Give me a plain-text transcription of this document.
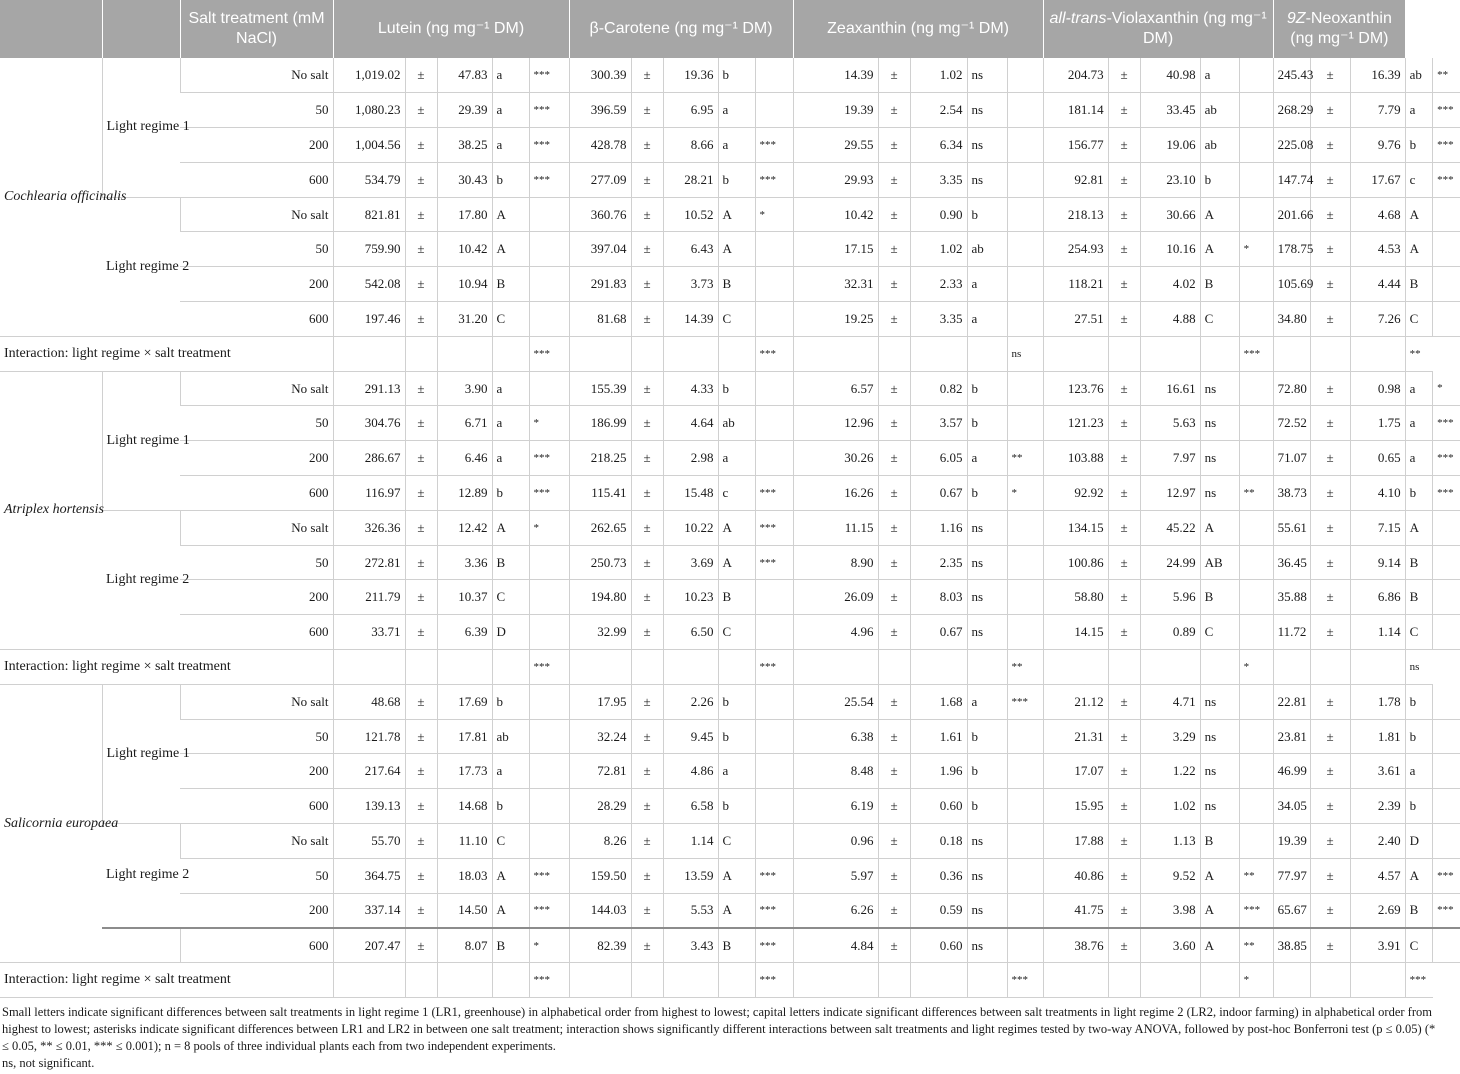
		Salt treatment (mM NaCl)	Lutein (ng mg⁻¹ DM)					β-Carotene (ng mg⁻¹ DM)					Zeaxanthin (ng mg⁻¹ DM)					all-trans-Violaxanthin (ng mg⁻¹ DM)					9Z-Neoxanthin (ng mg⁻¹ DM)				
Cochlearia officinalis	Light regime 1	No salt	1,019.02	±	47.83	a	***	300.39	±	19.36	b		14.39	±	1.02	ns		204.73	±	40.98	a		245.43	±	16.39	ab	**
		50	1,080.23	±	29.39	a	***	396.59	±	6.95	a		19.39	±	2.54	ns		181.14	±	33.45	ab		268.29	±	7.79	a	***
		200	1,004.56	±	38.25	a	***	428.78	±	8.66	a	***	29.55	±	6.34	ns		156.77	±	19.06	ab		225.08	±	9.76	b	***
		600	534.79	±	30.43	b	***	277.09	±	28.21	b	***	29.93	±	3.35	ns		92.81	±	23.10	b		147.74	±	17.67	c	***
	Light regime 2	No salt	821.81	±	17.80	A		360.76	±	10.52	A	*	10.42	±	0.90	b		218.13	±	30.66	A		201.66	±	4.68	A	
		50	759.90	±	10.42	A		397.04	±	6.43	A		17.15	±	1.02	ab		254.93	±	10.16	A	*	178.75	±	4.53	A	
		200	542.08	±	10.94	B		291.83	±	3.73	B		32.31	±	2.33	a		118.21	±	4.02	B		105.69	±	4.44	B	
		600	197.46	±	31.20	C		81.68	±	14.39	C		19.25	±	3.35	a		27.51	±	4.88	C		34.80	±	7.26	C	
Interaction: light regime × salt treatment							***					***					ns					***				**	
Atriplex hortensis	Light regime 1	No salt	291.13	±	3.90	a		155.39	±	4.33	b		6.57	±	0.82	b		123.76	±	16.61	ns		72.80	±	0.98	a	*
		50	304.76	±	6.71	a	*	186.99	±	4.64	ab		12.96	±	3.57	b		121.23	±	5.63	ns		72.52	±	1.75	a	***
		200	286.67	±	6.46	a	***	218.25	±	2.98	a		30.26	±	6.05	a	**	103.88	±	7.97	ns		71.07	±	0.65	a	***
		600	116.97	±	12.89	b	***	115.41	±	15.48	c	***	16.26	±	0.67	b	*	92.92	±	12.97	ns	**	38.73	±	4.10	b	***
	Light regime 2	No salt	326.36	±	12.42	A	*	262.65	±	10.22	A	***	11.15	±	1.16	ns		134.15	±	45.22	A		55.61	±	7.15	A	
		50	272.81	±	3.36	B		250.73	±	3.69	A	***	8.90	±	2.35	ns		100.86	±	24.99	AB		36.45	±	9.14	B	
		200	211.79	±	10.37	C		194.80	±	10.23	B		26.09	±	8.03	ns		58.80	±	5.96	B		35.88	±	6.86	B	
		600	33.71	±	6.39	D		32.99	±	6.50	C		4.96	±	0.67	ns		14.15	±	0.89	C		11.72	±	1.14	C	
Interaction: light regime × salt treatment							***					***					**					*				ns	
Salicornia europaea	Light regime 1	No salt	48.68	±	17.69	b		17.95	±	2.26	b		25.54	±	1.68	a	***	21.12	±	4.71	ns		22.81	±	1.78	b	
		50	121.78	±	17.81	ab		32.24	±	9.45	b		6.38	±	1.61	b		21.31	±	3.29	ns		23.81	±	1.81	b	
		200	217.64	±	17.73	a		72.81	±	4.86	a		8.48	±	1.96	b		17.07	±	1.22	ns		46.99	±	3.61	a	
		600	139.13	±	14.68	b		28.29	±	6.58	b		6.19	±	0.60	b		15.95	±	1.02	ns		34.05	±	2.39	b	
	Light regime 2	No salt	55.70	±	11.10	C		8.26	±	1.14	C		0.96	±	0.18	ns		17.88	±	1.13	B		19.39	±	2.40	D	
		50	364.75	±	18.03	A	***	159.50	±	13.59	A	***	5.97	±	0.36	ns		40.86	±	9.52	A	**	77.97	±	4.57	A	***
		200	337.14	±	14.50	A	***	144.03	±	5.53	A	***	6.26	±	0.59	ns		41.75	±	3.98	A	***	65.67	±	2.69	B	***
		600	207.47	±	8.07	B	*	82.39	±	3.43	B	***	4.84	±	0.60	ns		38.76	±	3.60	A	**	38.85	±	3.91	C	
Interaction: light regime × salt treatment							***					***					***					*				***	
Small letters indicate significant differences between salt treatments in light regime 1 (LR1, greenhouse) in alphabetical order from highest to lowest; capital letters indicate significant differences between salt treatments in light regime 2 (LR2, indoor farming) in alphabetical order from highest to lowest; asterisks indicate significant differences between LR1 and LR2 in between one salt treatment; interaction shows significantly different interactions between salt treatments and light regimes tested by two-way ANOVA, followed by post-hoc Bonferroni test (p ≤ 0.05) (* ≤ 0.05, ** ≤ 0.01, *** ≤ 0.001); n = 8 pools of three individual plants each from two independent experiments.
ns, not significant.
